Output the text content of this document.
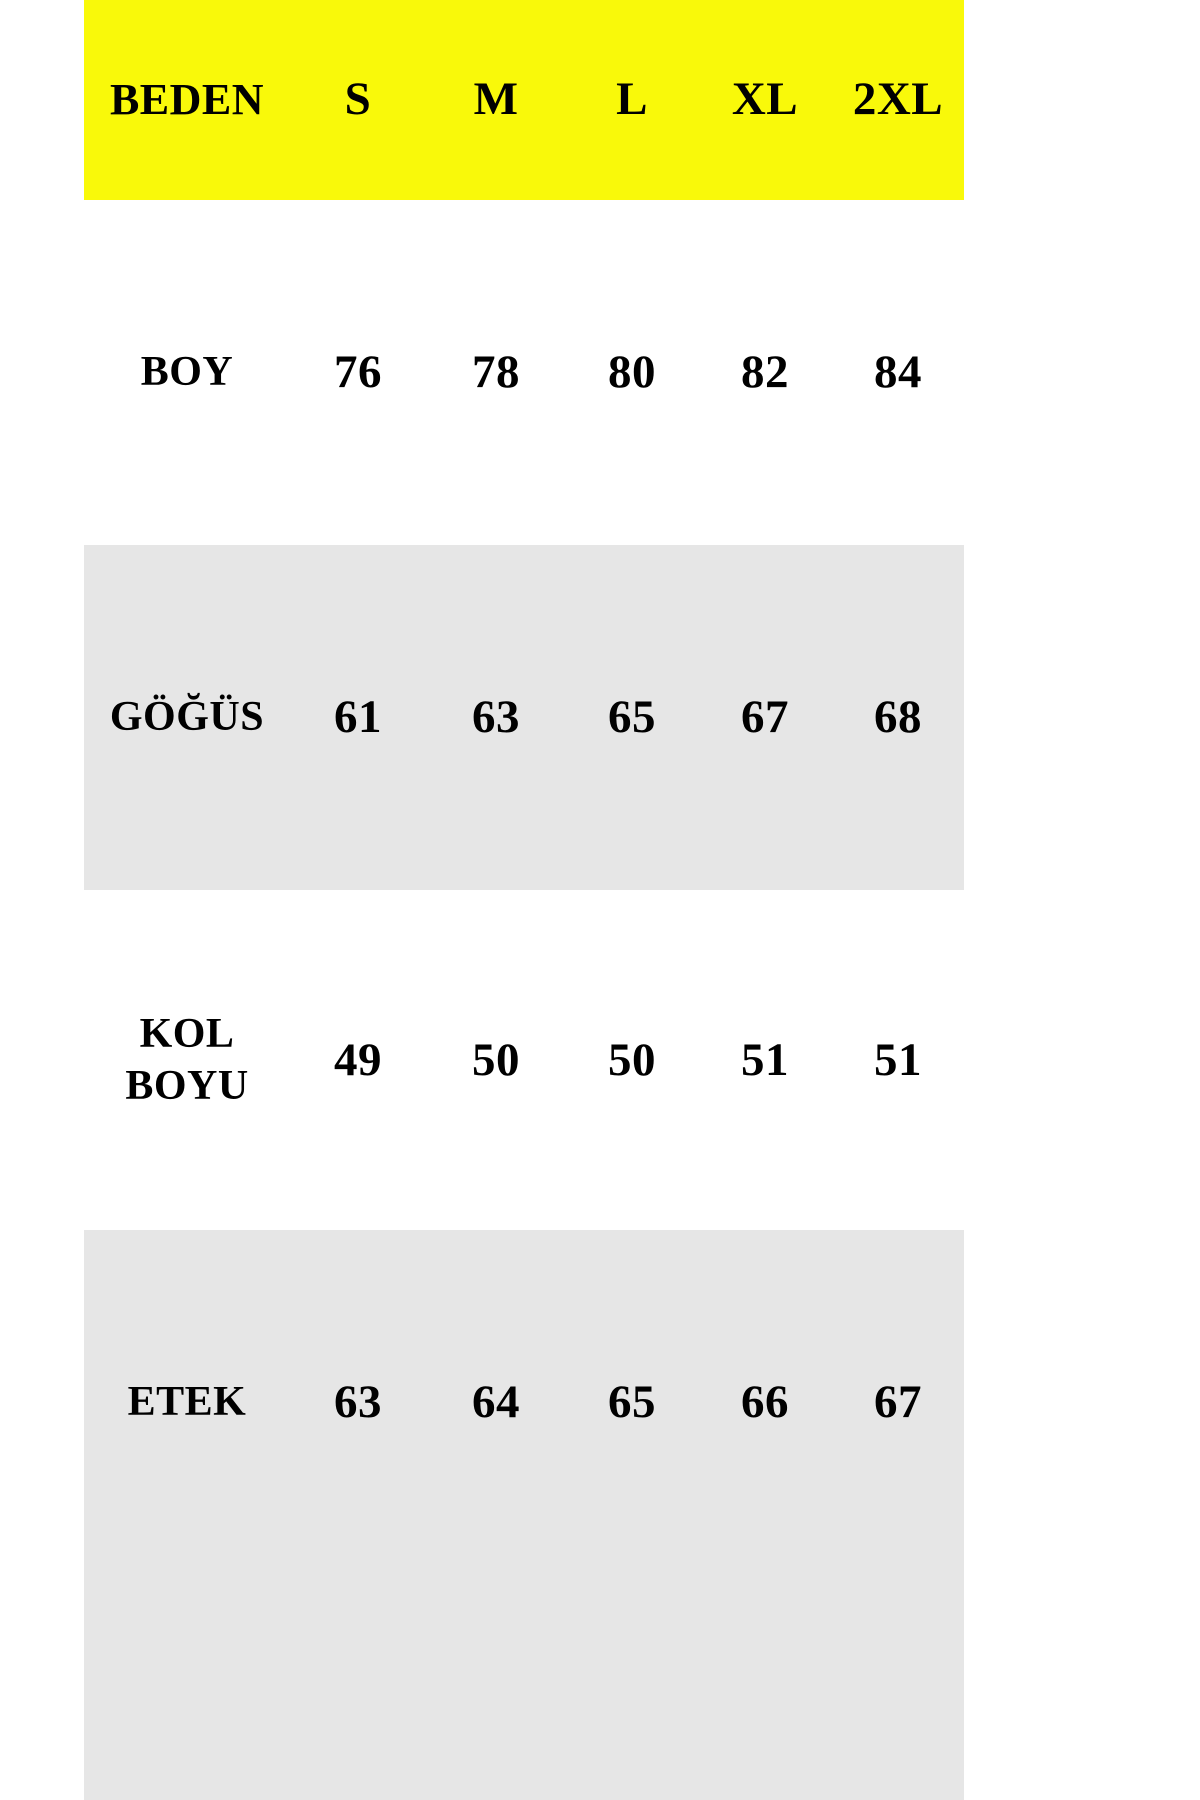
BEDEN	S	M	L	XL	2XL
BOY	76	78	80	82	84
GÖĞÜS	61	63	65	67	68

KOL
BOYU	49	50	50	51	51
ETEK	63	64	65	66	67
